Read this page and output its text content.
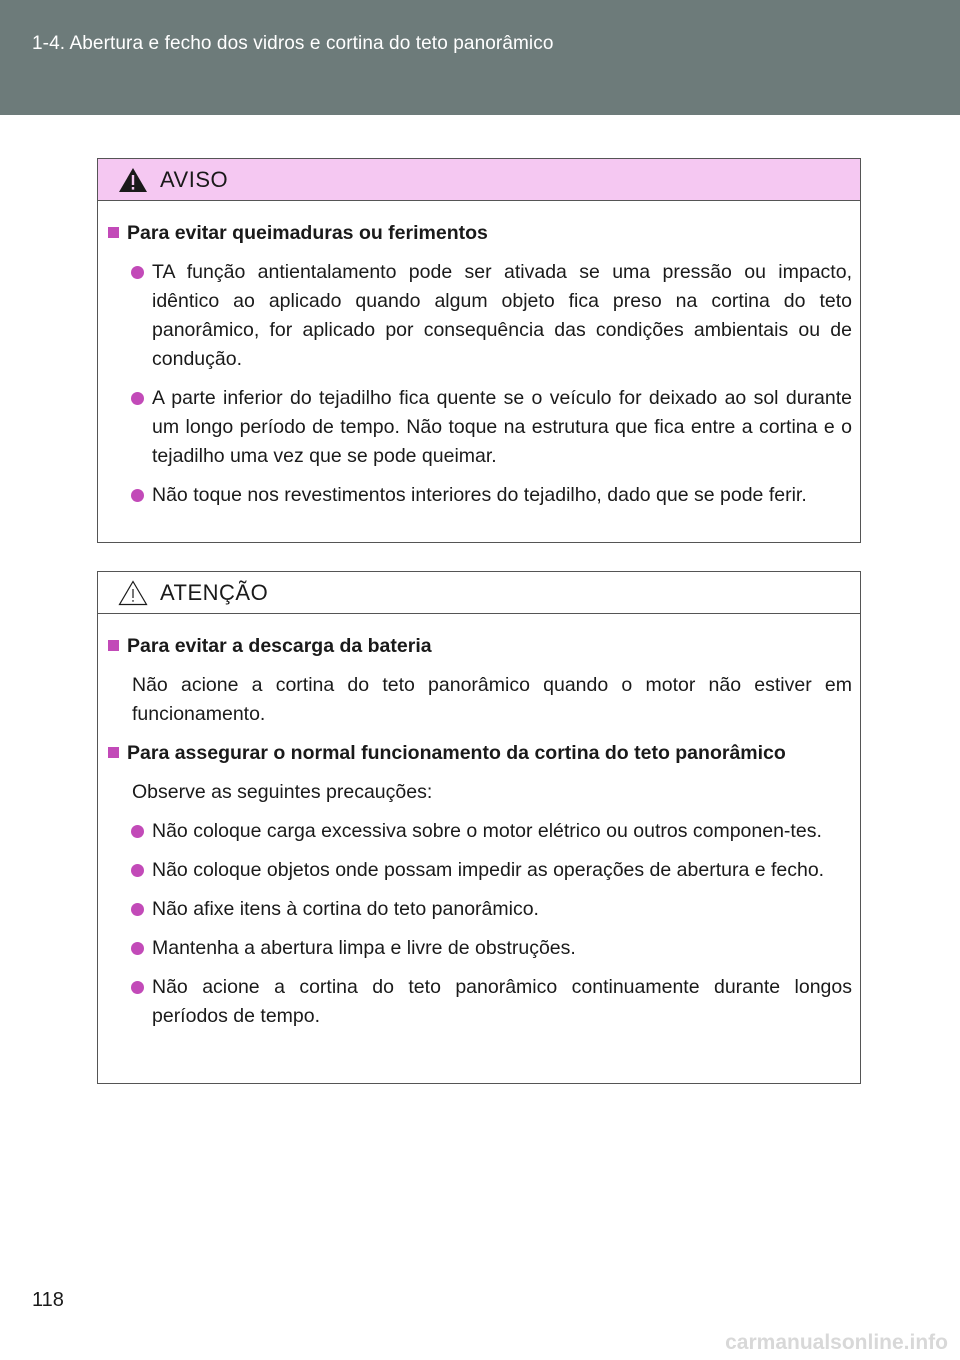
1-4. Abertura e fecho dos vidros e cortina do teto panorâmico
AVISO
Para evitar queimaduras ou ferimentos
TA função antientalamento pode ser ativada se uma pressão ou impacto, idêntico ao aplicado quando algum objeto fica preso na cortina do teto panorâmico, for aplicado por consequência das condições ambientais ou de condução.
A parte inferior do tejadilho fica quente se o veículo for deixado ao sol durante um longo período de tempo. Não toque na estrutura que fica entre a cortina e o tejadilho uma vez que se pode queimar.
Não toque nos revestimentos interiores do tejadilho, dado que se pode ferir.
ATENÇÃO
Para evitar a descarga da bateria
Não acione a cortina do teto panorâmico quando o motor não estiver em funcionamento.
Para assegurar o normal funcionamento da cortina do teto panorâmico
Observe as seguintes precauções:
Não coloque carga excessiva sobre o motor elétrico ou outros componen-tes.
Não coloque objetos onde possam impedir as operações de abertura e fecho.
Não afixe itens à cortina do teto panorâmico.
Mantenha a abertura limpa e livre de obstruções.
Não acione a cortina do teto panorâmico continuamente durante longos períodos de tempo.
118
carmanualsonline.info
